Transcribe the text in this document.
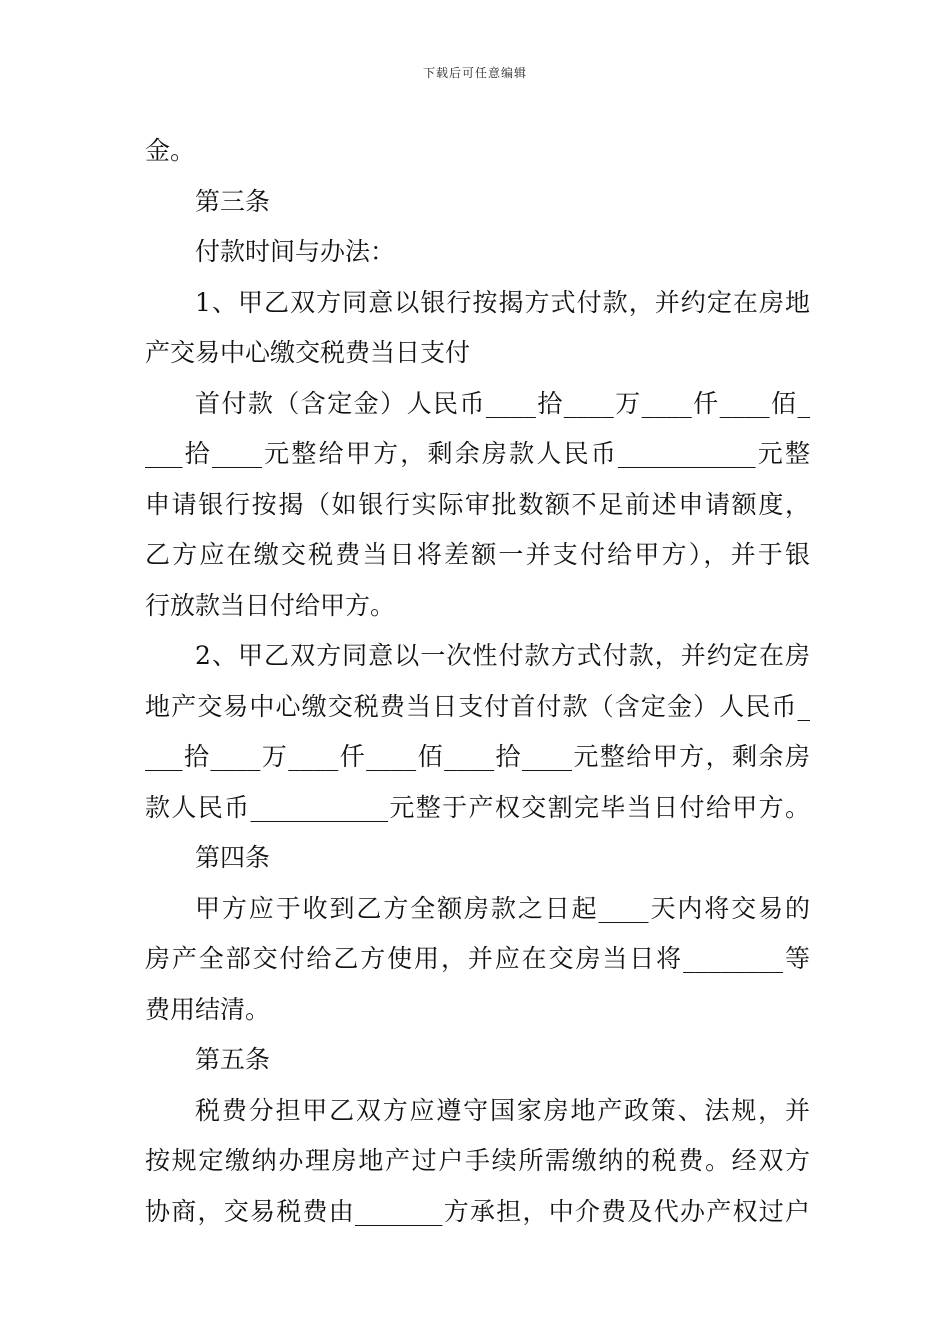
下载后可任意编辑
金。
第三条
付款时间与办法：
1、甲乙双方同意以银行按揭方式付款，并约定在房地
产交易中心缴交税费当日支付
首付款（含定金）人民币____拾____万____仟____佰_
___拾____元整给甲方，剩余房款人民币___________元整
申请银行按揭（如银行实际审批数额不足前述申请额度，
乙方应在缴交税费当日将差额一并支付给甲方），并于银
行放款当日付给甲方。
2、甲乙双方同意以一次性付款方式付款，并约定在房
地产交易中心缴交税费当日支付首付款（含定金）人民币_
___拾____万____仟____佰____拾____元整给甲方，剩余房
款人民币___________元整于产权交割完毕当日付给甲方。
第四条
甲方应于收到乙方全额房款之日起____天内将交易的
房产全部交付给乙方使用，并应在交房当日将________等
费用结清。
第五条
税费分担甲乙双方应遵守国家房地产政策、法规，并
按规定缴纳办理房地产过户手续所需缴纳的税费。经双方
协商，交易税费由_______方承担，中介费及代办产权过户
